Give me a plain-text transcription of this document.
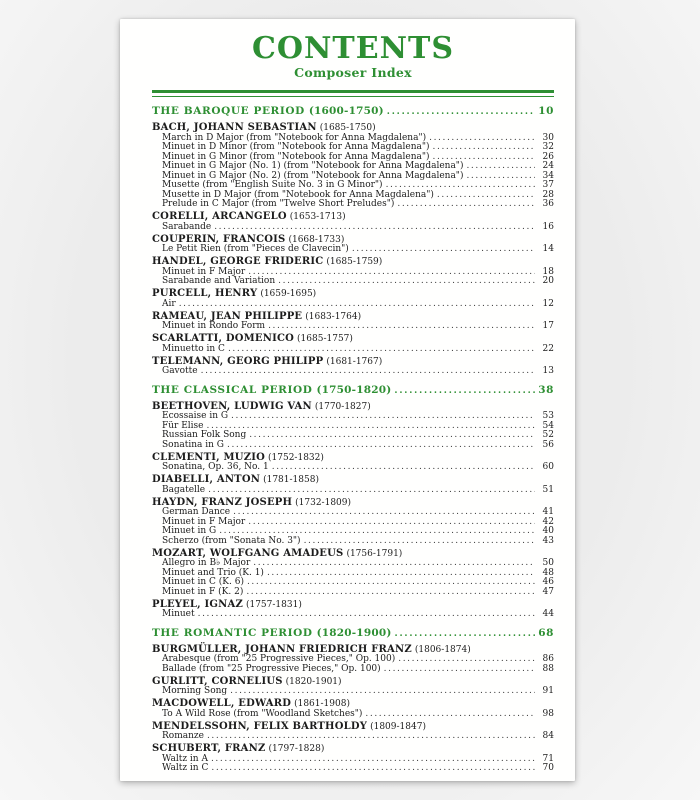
CONTENTS
Composer Index
THE BAROQUE PERIOD (1600-1750) .....	10
BACH, JOHANN SEBASTIAN (1685-1750)
March in D Major (from "Notebook for Anna Magdalena") .....	30
Minuet in D Minor (from "Notebook for Anna Magdalena") .....	32
Minuet in G Minor (from "Notebook for Anna Magdalena") .....	26
Minuet in G Major (No. 1) (from "Notebook for Anna Magdalena") .....	24
Minuet in G Major (No. 2) (from "Notebook for Anna Magdalena") .....	34
Musette (from "English Suite No. 3 in G Minor") .....	37
Musette in D Major (from "Notebook for Anna Magdalena") .....	28
Prelude in C Major (from "Twelve Short Preludes") .....	36
CORELLI, ARCANGELO (1653-1713)
Sarabande .....	16
COUPERIN, FRANCOIS (1668-1733)
Le Petit Rien (from "Pieces de Clavecin") .....	14
HANDEL, GEORGE FRIDERIC (1685-1759)
Minuet in F Major .....	18
Sarabande and Variation .....	20
PURCELL, HENRY (1659-1695)
Air .....	12
RAMEAU, JEAN PHILIPPE (1683-1764)
Minuet in Rondo Form .....	17
SCARLATTI, DOMENICO (1685-1757)
Minuetto in C .....	22
TELEMANN, GEORG PHILIPP (1681-1767)
Gavotte .....	13
THE CLASSICAL PERIOD (1750-1820) .....	38
BEETHOVEN, LUDWIG VAN (1770-1827)
Ecossaise in G .....	53
Für Elise .....	54
Russian Folk Song .....	52
Sonatina in G .....	56
CLEMENTI, MUZIO (1752-1832)
Sonatina, Op. 36, No. 1 .....	60
DIABELLI, ANTON (1781-1858)
Bagatelle .....	51
HAYDN, FRANZ JOSEPH (1732-1809)
German Dance .....	41
Minuet in F Major .....	42
Minuet in G .....	40
Scherzo (from "Sonata No. 3") .....	43
MOZART, WOLFGANG AMADEUS (1756-1791)
Allegro in B♭ Major .....	50
Minuet and Trio (K. 1) .....	48
Minuet in C (K. 6) .....	46
Minuet in F (K. 2) .....	47
PLEYEL, IGNAZ (1757-1831)
Minuet .....	44
THE ROMANTIC PERIOD (1820-1900) .....	68
BURGMÜLLER, JOHANN FRIEDRICH FRANZ (1806-1874)
Arabesque (from "25 Progressive Pieces," Op. 100) .....	86
Ballade (from "25 Progressive Pieces," Op. 100) .....	88
GURLITT, CORNELIUS (1820-1901)
Morning Song .....	91
MACDOWELL, EDWARD (1861-1908)
To A Wild Rose (from "Woodland Sketches") .....	98
MENDELSSOHN, FELIX BARTHOLDY (1809-1847)
Romanze .....	84
SCHUBERT, FRANZ (1797-1828)
Waltz in A .....	71
Waltz in C .....	70
